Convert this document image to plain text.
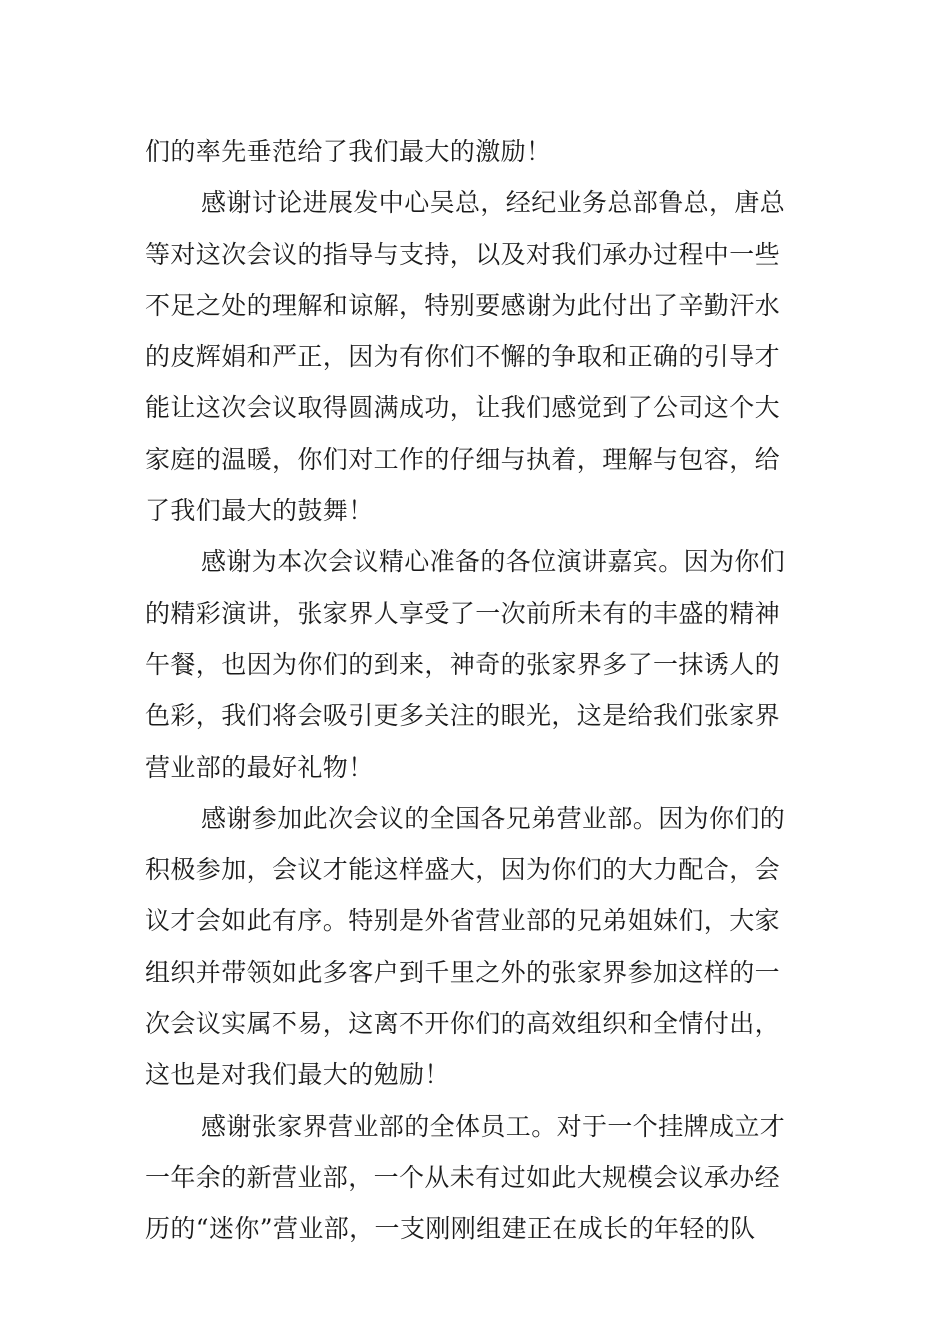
们的率先垂范给了我们最大的激励！
感谢讨论进展发中心吴总，经纪业务总部鲁总，唐总
等对这次会议的指导与支持，以及对我们承办过程中一些
不足之处的理解和谅解，特别要感谢为此付出了辛勤汗水
的皮辉娟和严正，因为有你们不懈的争取和正确的引导才
能让这次会议取得圆满成功，让我们感觉到了公司这个大
家庭的温暖，你们对工作的仔细与执着，理解与包容，给
了我们最大的鼓舞！
感谢为本次会议精心准备的各位演讲嘉宾。因为你们
的精彩演讲，张家界人享受了一次前所未有的丰盛的精神
午餐，也因为你们的到来，神奇的张家界多了一抹诱人的
色彩，我们将会吸引更多关注的眼光，这是给我们张家界
营业部的最好礼物！
感谢参加此次会议的全国各兄弟营业部。因为你们的
积极参加，会议才能这样盛大，因为你们的大力配合，会
议才会如此有序。特别是外省营业部的兄弟姐妹们，大家
组织并带领如此多客户到千里之外的张家界参加这样的一
次会议实属不易，这离不开你们的高效组织和全情付出，
这也是对我们最大的勉励！
感谢张家界营业部的全体员工。对于一个挂牌成立才
一年余的新营业部，一个从未有过如此大规模会议承办经
历的“迷你”营业部，一支刚刚组建正在成长的年轻的队
